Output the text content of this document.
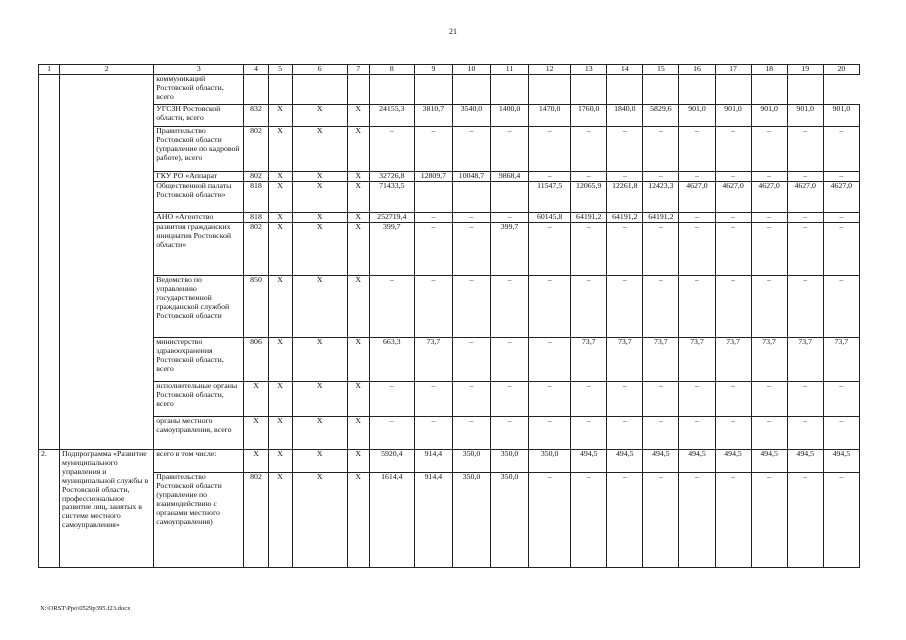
21
1	2	3	4	5	6	7	8	9	10	11	12	13	14	15	16	17	18	19	20
		коммуникаций Ростовской области, всего																	
		УГСЗН Ростовской области, всего	832	X	X	X	24155,3	3810,7	3540,0	1400,0	1470,0	1760,0	1840,0	5829,6	901,0	901,0	901,0	901,0	901,0
		Правительство Ростовской области (управление по кадровой работе), всего	802	X	X	X	–	–	–	–	–	–	–	–	–	–	–	–	–
		ГКУ РО «Аппарат	802	X	X	X	32726,8	12809,7	10048,7	9868,4	–	–	–	–	–	–	–	–	–
		Общественной палаты Ростовской области»	818	X	X	X	71433,5				11547,5	12065,9	12261,8	12423,3	4627,0	4627,0	4627,0	4627,0	4627,0
		АНО «Агентство	818	X	X	X	252719,4	–	–	–	60145,8	64191,2	64191,2	64191,2	–	–	–	–	–
		развития гражданских инициатив Ростовской области»	802	X	X	X	399,7	–	–	399,7	–	–	–	–	–	–	–	–	–
		Ведомство по управлению государственной гражданской службой Ростовской области	850	X	X	X	–	–	–	–	–	–	–	–	–	–	–	–	–
		министерство здравоохранения Ростовской области, всего	806	X	X	X	663,3	73,7	–	–	–	73,7	73,7	73,7	73,7	73,7	73,7	73,7	73,7
		исполнительные органы Ростовской области, всего	X	X	X	X	–	–	–	–	–	–	–	–	–	–	–	–	–
		органы местного самоуправления, всего	X	X	X	X	–	–	–	–	–	–	–	–	–	–	–	–	–
2.	Подпрограмма «Развитие муниципального управления и муниципальной службы в Ростовской области, профессиональное развитие лиц, занятых в системе местного самоуправления»	всего в том числе:	X	X	X	X	5920,4	914,4	350,0	350,0	350,0	494,5	494,5	494,5	494,5	494,5	494,5	494,5	494,5
		Правительство Ростовской области (управление по взаимодействию с органами местного самоуправления)	802	X	X	X	1614,4	914,4	350,0	350,0	–	–	–	–	–	–	–	–	–
X:\ORST\Ppo\0529p395.f23.docx
